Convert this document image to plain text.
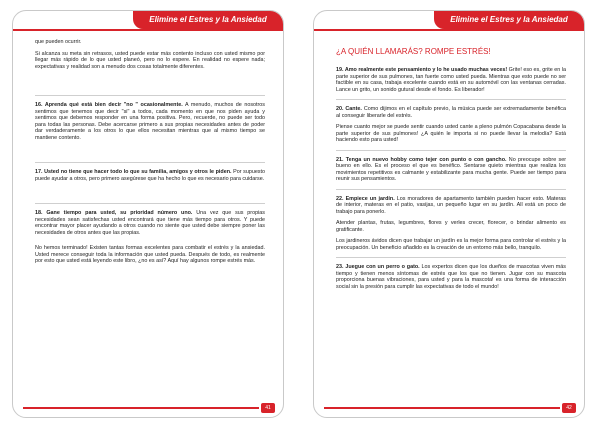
Elimine el Estres y la Ansiedad

que pueden ocurrir.

Si alcanza su meta sin retrasos, usted puede estar más contento incluso con usted mismo por llegar más rápido de lo que usted planeó, pero no lo espere. En realidad no espere nada; expectativas y realidad son a menudo dos cosas totalmente diferentes.

16. Aprenda qué está bien decir "no " ocasionalmente. A menudo, muchos de nosotros sentimos que tenemos que decir "si" a todos, cada momento en que nos piden ayuda y sentimos que debemos responder en una forma positiva. Pero, recuerde, no puede ser todo para todas las personas. Debe acercarse primero a sus propias necesidades antes de poder dar verdaderamente a los otros lo que ellos necesitan mientras que al mismo tiempo se mantiene contento.

17. Usted no tiene que hacer todo lo que su familia, amigos y otros le piden. Por supuesto puede ayudar a otros, pero primero asegúrese que ha hecho lo que es necesario para cuidarse.

18. Gane tiempo para usted, su prioridad número uno. Una vez que sus propias necesidades sean satisfechas usted encontrará que tiene más tiempo para otros. Y puede encontrar mayor placer ayudando a otros cuando no siente que usted debe siempre poner las necesidades de otros antes que las propias.

No hemos terminado! Existen tantas formas excelentes para combatir el estrés y la ansiedad. Usted merece conseguir toda la información que usted pueda. Después de todo, es realmente por esto que usted está leyendo este libro, ¿no es así? Aquí hay algunos rompe estrés más.

41
Elimine el Estres y la Ansiedad
¿A QUIÉN LLAMARÁS? ROMPE ESTRÉS!

19. Amo realmente este pensamiento y lo he usado muchas veces! Grite! eso es, grite en la parte superior de sus pulmones, tan fuerte como usted pueda. Mientras que esto puede no ser factible en su casa, trabaja excelente cuando está en su automóvil con las ventanas cerradas. Lance un grito, un sonido gutural desde el fondo. Es liberador!

20. Cante. Como dijimos en el capítulo previo, la música puede ser extremadamente benéfica al conseguir liberarle del estrés.

Piense cuanto mejor se puede sentir cuando usted cante a pleno pulmón Copacabana desde la parte superior de sus pulmones! ¿A quién le importa si no puede llevar la melodía? Está haciendo esto para usted!

21. Tenga un nuevo hobby como tejer con punto o con gancho. No preocupe sobre ser bueno en ello. Es el proceso el que es benéfico. Sentarse quieto mientras que realiza los movimientos repetitivos es calmante y estabilizante para mucha gente. Puede ser tiempo para reunir sus pensamientos.

22. Empiece un jardín. Los moradores de apartamento también pueden hacer esto. Materas de interior, materas en el patio, vasijas, un pequeño lugar en su jardín. All está un poco de trabajo para ponerlo.

Atender plantas, frutas, legumbres, flores y verles crecer, florecer, o brindar alimento es gratificante.

Los jardineros ávidos dicen que trabajar un jardín es la mejor forma para controlar el estrés y la preocupación. Un beneficio añadido es la creación de un entorno más bello, tranquilo.

23. Juegue con un perro o gato. Los expertos dicen que los dueños de mascotas viven más tiempo y tienen menos síntomas de estrés que los que no tienen. Jugar con su mascota proporciona buenas vibraciones, para usted y para la mascota! es una forma de interacción social sin la presión para cumplir las expectativas de todo el mundo!

42
